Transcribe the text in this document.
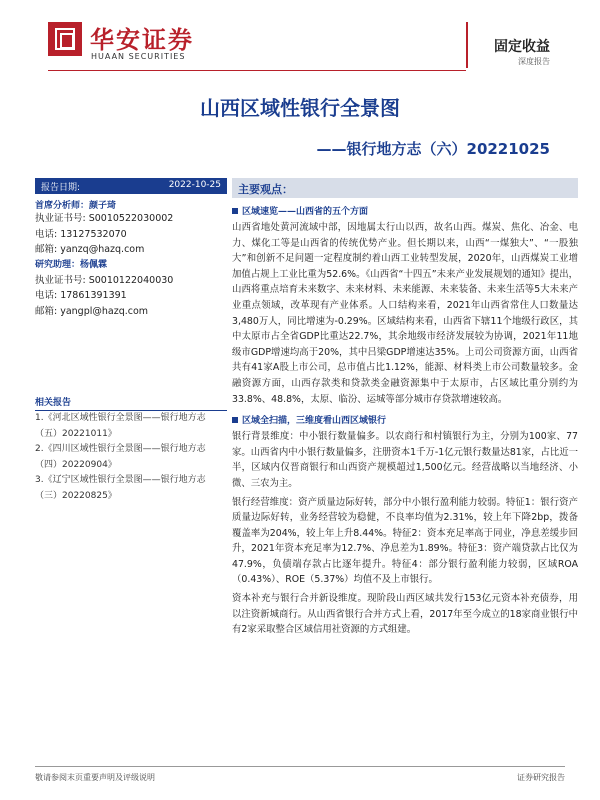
华安证券
HUAAN SECURITIES
固定收益
深度报告
山西区域性银行全景图
——银行地方志（六）20221025
报告日期:	2022-10-25
首席分析师：颜子琦
执业证书号: S0010522030002
电话: 13127532070
邮箱: yanzq@hazq.com
研究助理：杨佩霖
执业证书号: S0010122040030
电话: 17861391391
邮箱: yangpl@hazq.com
相关报告
1.《河北区域性银行全景图——银行地方志（五）20221011》
2.《四川区域性银行全景图——银行地方志（四）20220904》
3.《辽宁区域性银行全景图——银行地方志（三）20220825》
主要观点：
区域速览——山西省的五个方面
山西省地处黄河流域中部，因地属太行山以西，故名山西。煤炭、焦化、冶金、电力、煤化工等是山西省的传统优势产业。但长期以来，山西“一煤独大”、“一股独大”和创新不足问题一定程度制约着山西工业转型发展，2020年，山西煤炭工业增加值占规上工业比重为52.6%。《山西省“十四五”未来产业发展规划的通知》提出，山西将重点培育未来数字、未来材料、未来能源、未来装备、未来生活等5大未来产业重点领域，改革现有产业体系。人口结构来看，2021年山西省常住人口数量达3,480万人，同比增速为-0.29%。区域结构来看，山西省下辖11个地级行政区，其中太原市占全省GDP比重达22.7%，其余地级市经济发展较为协调，2021年11地级市GDP增速均高于20%，其中吕梁GDP增速达35%。上司公司资源方面，山西省共有41家A股上市公司，总市值占比1.12%，能源、材料类上市公司数量较多。金融资源方面，山西存款类和贷款类金融资源集中于太原市，占区域比重分别约为33.8%、48.8%，太原、临汾、运城等部分城市存贷款增速较高。
区域全扫描，三维度看山西区域银行
银行背景维度：中小银行数量偏多。以农商行和村镇银行为主，分别为100家、77家。山西省内中小银行数量偏多，注册资本1千万-1亿元银行数量达81家，占比近一半，区域内仅晋商银行和山西资产规模超过1,500亿元。经营战略以当地经济、小微、三农为主。
银行经营维度：资产质量边际好转，部分中小银行盈利能力较弱。特征1：银行资产质量边际好转，业务经营较为稳健，不良率均值为2.31%，较上年下降2bp，拨备覆盖率为204%，较上年上升8.44%。特征2：资本充足率高于同业，净息差缓步回升，2021年资本充足率为12.7%、净息差为1.89%。特征3：资产端贷款占比仅为47.9%，负债端存款占比逐年提升。特征4：部分银行盈利能力较弱，区域ROA（0.43%）、ROE（5.37%）均值不及上市银行。
资本补充与银行合并新设维度。现阶段山西区域共发行153亿元资本补充债券，用以注资新城商行。从山西省银行合并方式上看，2017年至今成立的18家商业银行中有2家采取整合区域信用社资源的方式组建。
敬请参阅末页重要声明及评级说明	证券研究报告
